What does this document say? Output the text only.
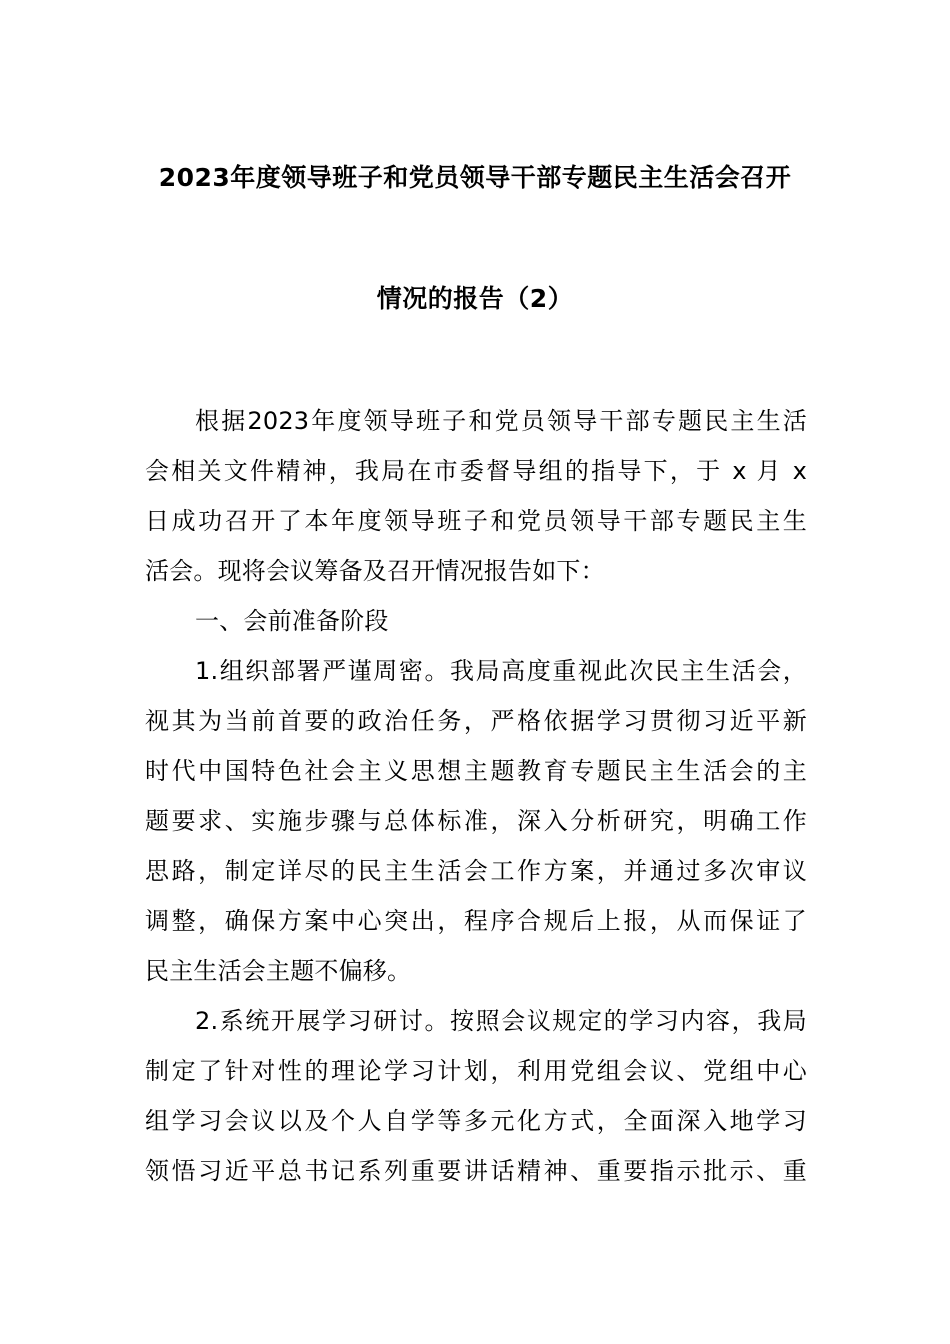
2023年度领导班子和党员领导干部专题民主生活会召开
情况的报告（2）
根据2023年度领导班子和党员领导干部专题民主生活
会相关文件精神，我局在市委督导组的指导下，于 x 月 x
日成功召开了本年度领导班子和党员领导干部专题民主生
活会。现将会议筹备及召开情况报告如下：
一、会前准备阶段
1.组织部署严谨周密。我局高度重视此次民主生活会，
视其为当前首要的政治任务，严格依据学习贯彻习近平新
时代中国特色社会主义思想主题教育专题民主生活会的主
题要求、实施步骤与总体标准，深入分析研究，明确工作
思路，制定详尽的民主生活会工作方案，并通过多次审议
调整，确保方案中心突出，程序合规后上报，从而保证了
民主生活会主题不偏移。
2.系统开展学习研讨。按照会议规定的学习内容，我局
制定了针对性的理论学习计划，利用党组会议、党组中心
组学习会议以及个人自学等多元化方式，全面深入地学习
领悟习近平总书记系列重要讲话精神、重要指示批示、重
